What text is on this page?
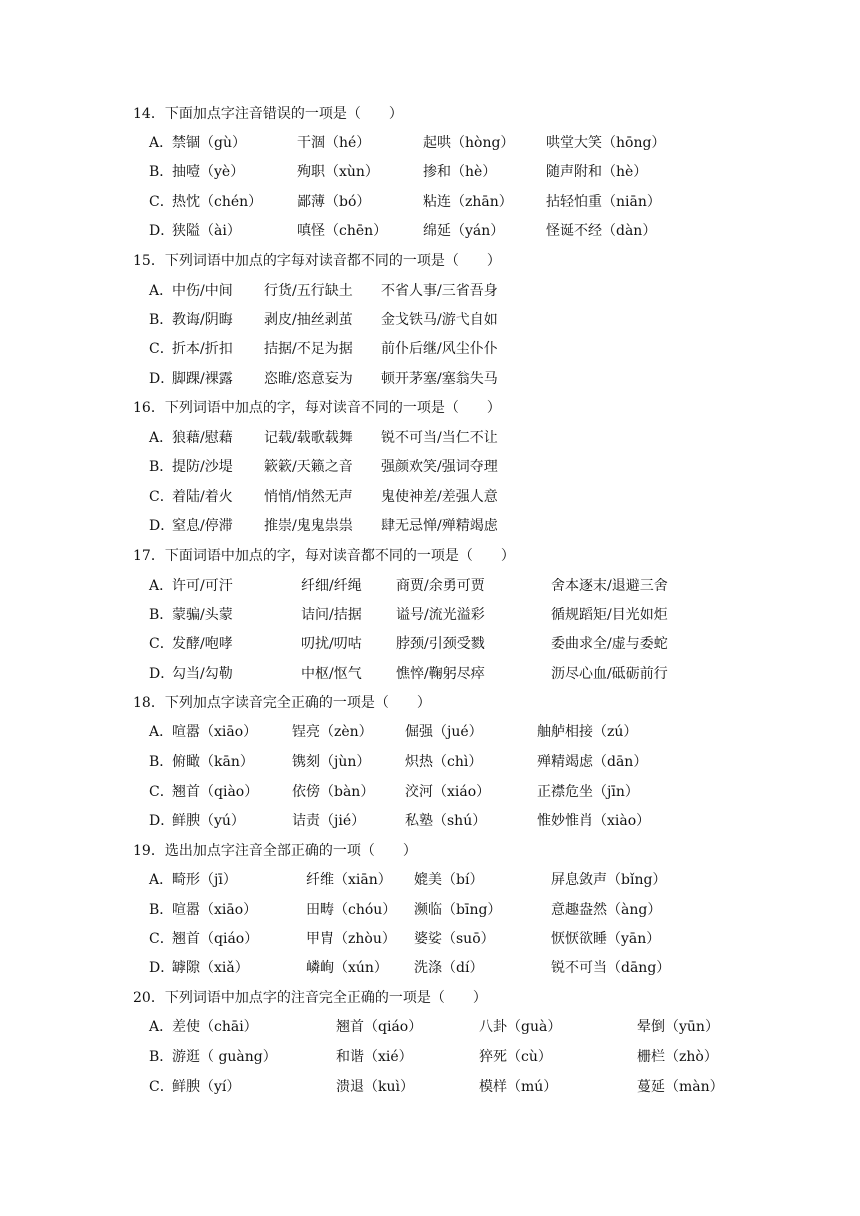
14．下面加点字注音错误的一项是（　　）
A．
禁锢（gù）	干涸（hé）	起哄（hòng） 哄堂大笑（hōng）
B．
抽噎（yè）	殉职（xùn）	掺和（hè）	随声附和（hè）
C．
热忱（chén） 鄙薄（bó）	粘连（zhān） 拈轻怕重（niān）
D．
狭隘（ài）	嗔怪（chēn）	绵延（yán）	怪诞不经（dàn）
15．下列词语中加点的字每对读音都不同的一项是（　　）
A．
中伤/中间 行货/五行缺土 不省人事/三省吾身
B．
教诲/阴晦 剥皮/抽丝剥茧 金戈铁马/游弋自如
C．
折本/折扣 拮据/不足为据 前仆后继/风尘仆仆
D．
脚踝/裸露 恣睢/恣意妄为 顿开茅塞/塞翁失马
16．下列词语中加点的字，每对读音不同的一项是（　　）
A．
狼藉/慰藉 记载/载歌载舞 锐不可当/当仁不让
B．
提防/沙堤 簌簌/天籁之音 强颜欢笑/强词夺理
C．
着陆/着火 悄悄/悄然无声 鬼使神差/差强人意
D．
窒息/停滞 推崇/鬼鬼祟祟 肆无忌惮/殚精竭虑
17．下面词语中加点的字，每对读音都不同的一项是（　　）
A．
许可/可汗	纤细/纤绳 商贾/余勇可贾	舍本逐末/退避三舍
B．
蒙骗/头蒙	诘问/拮据 谥号/流光溢彩	循规蹈矩/目光如炬
C．
发酵/咆哮	叨扰/叨咕 脖颈/引颈受戮	委曲求全/虚与委蛇
D．
勾当/勾勒	中枢/怄气 憔悴/鞠躬尽瘁	沥尽心血/砥砺前行
18．下列加点字读音完全正确的一项是（　　）
A．
喧嚣（xiāo） 锃亮（zèn） 倔强（jué）	舳舻相接（zú）
B．
俯瞰（kān）	镌刻（jùn） 炽热（chì）	殚精竭虑（dān）
C．
翘首（qiào） 依傍（bàn） 洨河（xiáo）	正襟危坐（jīn）
D．
鲜腴（yú）	诘责（jié）	私塾（shú）	惟妙惟肖（xiào）
19．选出加点字注音全部正确的一项（　　）
A．
畸形（jī）	纤维（xiān） 媲美（bí）	屏息敛声（bǐng）
B．
喧嚣（xiāo）	田畴（chóu） 濒临（bīng）	意趣盎然（àng）
C．
翘首（qiáo）	甲胄（zhòu） 婆娑（suō）	恹恹欲睡（yān）
D．
罅隙（xiǎ）	嶙峋（xún） 洗涤（dí）	锐不可当（dāng）
20．下列词语中加点字的注音完全正确的一项是（　　）
A．
差使（chāi）	翘首（qiáo）	八卦（guà）	晕倒（yūn）
B．
游逛（ guàng）	和谐（xié）	猝死（cù）	栅栏（zhò）
C．
鲜腴（yí）	溃退（kuì）	模样（mú）	蔓延（màn）
